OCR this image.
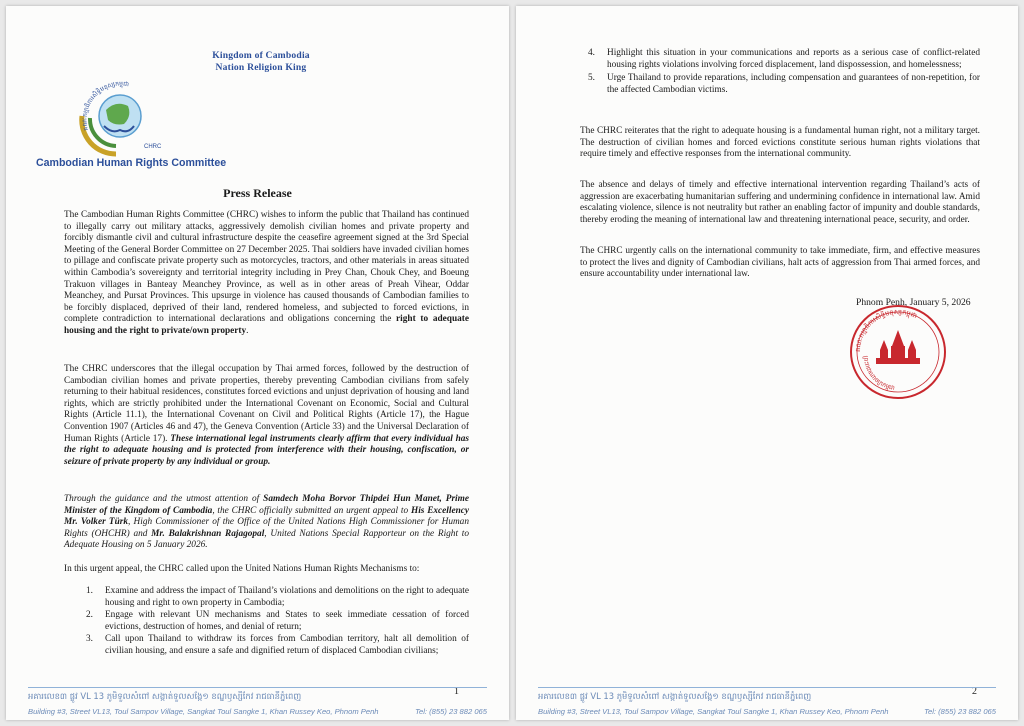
Kingdom of Cambodia
Nation Religion King
គណៈកម្មាធិការសិទ្ធិមនុស្សកម្ពុជា
CHRC
Cambodian Human Rights Committee
Press Release
The Cambodian Human Rights Committee (CHRC) wishes to inform the public that Thailand has continued to illegally carry out military attacks, aggressively demolish civilian homes and private property and forcibly dismantle civil and cultural infrastructure despite the ceasefire agreement signed at the 3rd Special Meeting of the General Border Committee on 27 December 2025. Thai soldiers have invaded civilian homes to pillage and confiscate private property such as motorcycles, tractors, and other materials in areas situated within Cambodia’s sovereignty and territorial integrity including in Prey Chan, Chouk Chey, and Boeung Trakuon villages in Banteay Meanchey Province, as well as in other areas of Preah Vihear, Oddar Meanchey, and Pursat Provinces. This upsurge in violence has caused thousands of Cambodian families to be forcibly displaced, deprived of their land, rendered homeless, and subjected to forced evictions, in complete contradiction to international declarations and obligations concerning the right to adequate housing and the right to private/own property.
The CHRC underscores that the illegal occupation by Thai armed forces, followed by the destruction of Cambodian civilian homes and private properties, thereby preventing Cambodian civilians from safely returning to their habitual residences, constitutes forced evictions and unjust deprivation of housing and land rights, which are strictly prohibited under the International Covenant on Economic, Social and Cultural Rights (Article 11.1), the International Covenant on Civil and Political Rights (Article 17), the Hague Convention 1907 (Articles 46 and 47), the Geneva Convention (Article 33) and the Universal Declaration of Human Rights (Article 17). These international legal instruments clearly affirm that every individual has the right to adequate housing and is protected from interference with their housing, confiscation, or seizure of private property by any individual or group.
Through the guidance and the utmost attention of Samdech Moha Borvor Thipdei Hun Manet, Prime Minister of the Kingdom of Cambodia, the CHRC officially submitted an urgent appeal to His Excellency Mr. Volker Türk, High Commissioner of the Office of the United Nations High Commissioner for Human Rights (OHCHR) and Mr. Balakrishnan Rajagopal, United Nations Special Rapporteur on the Right to Adequate Housing on 5 January 2026.
In this urgent appeal, the CHRC called upon the United Nations Human Rights Mechanisms to:
1. Examine and address the impact of Thailand’s violations and demolitions on the right to adequate housing and right to own property in Cambodia;
2. Engage with relevant UN mechanisms and States to seek immediate cessation of forced evictions, destruction of homes, and denial of return;
3. Call upon Thailand to withdraw its forces from Cambodian territory, halt all demolition of civilian housing, and ensure a safe and dignified return of displaced Cambodian civilians;
1
អគារលេខ៣ ផ្លូវ VL 13 ភូមិទួលសំពៅ សង្កាត់ទួលសង្កែ១ ខណ្ឌឫស្សីកែវ រាជធានីភ្នំពេញ
Building #3, Street VL13, Toul Sampov Village, Sangkat Toul Sangke 1, Khan Russey Keo, Phnom Penh	Tel: (855) 23 882 065
4. Highlight this situation in your communications and reports as a serious case of conflict-related housing rights violations involving forced displacement, land dispossession, and homelessness;
5. Urge Thailand to provide reparations, including compensation and guarantees of non-repetition, for the affected Cambodian victims.
The CHRC reiterates that the right to adequate housing is a fundamental human right, not a military target. The destruction of civilian homes and forced evictions constitute serious human rights violations that require timely and effective responses from the international community.
The absence and delays of timely and effective international intervention regarding Thailand’s acts of aggression are exacerbating humanitarian suffering and undermining confidence in international law. Amid escalating violence, silence is not neutrality but rather an enabling factor of impunity and double standards, thereby eroding the meaning of international law and threatening international peace, security, and order.
The CHRC urgently calls on the international community to take immediate, firm, and effective measures to protect the lives and dignity of Cambodian civilians, halt acts of aggression from Thai armed forces, and ensure accountability under international law.
Phnom Penh, January 5, 2026
គណៈកម្មាធិការសិទ្ធិមនុស្សកម្ពុជា
ព្រះរាជាណាចក្រកម្ពុជា
2
អគារលេខ៣ ផ្លូវ VL 13 ភូមិទួលសំពៅ សង្កាត់ទួលសង្កែ១ ខណ្ឌឫស្សីកែវ រាជធានីភ្នំពេញ
Building #3, Street VL13, Toul Sampov Village, Sangkat Toul Sangke 1, Khan Russey Keo, Phnom Penh	Tel: (855) 23 882 065
